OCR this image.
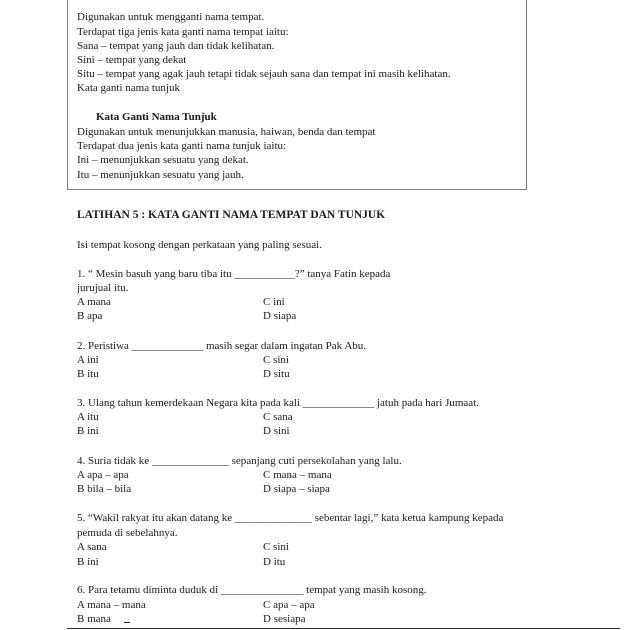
Digunakan untuk mengganti nama tempat.
Terdapat tiga jenis kata ganti nama tempat iaitu:
Sana – tempat yang jauh dan tidak kelihatan.
Sini – tempat yang dekat
Situ – tempat yang agak jauh tetapi tidak sejauh sana dan tempat ini masih kelihatan.
Kata ganti nama tunjuk
Kata Ganti Nama Tunjuk
Digunakan untuk menunjukkan manusia, haiwan, benda dan tempat
Terdapat dua jenis kata ganti nama tunjuk iaitu:
Ini – menunjukkan sesuatu yang dekat.
Itu – menunjukkan sesuatu yang jauh.
LATIHAN 5 : KATA GANTI NAMA TEMPAT DAN TUNJUK
Isi tempat kosong dengan perkataan yang paling sesuai.
1. “ Mesin basuh yang baru tiba itu ___________?” tanya Fatin kepada
jurujual itu.
A mana	C ini
B apa	D siapa
2. Peristiwa _____________ masih segar dalam ingatan Pak Abu.
A ini	C sini
B itu	D situ
3. Ulang tahun kemerdekaan Negara kita pada kali _____________ jatuh pada hari Jumaat.
A itu	C sana
B ini	D sini
4. Suria tidak ke ______________ sepanjang cuti persekolahan yang lalu.
A apa – apa	C mana – mana
B bila – bila	D siapa – siapa
5. “Wakil rakyat itu akan datang ke ______________ sebentar lagi,” kata ketua kampung kepada
pemuda di sebelahnya.
A sana	C sini
B ini	D itu
6. Para tetamu diminta duduk di _______________ tempat yang masih kosong.
A mana – mana	C apa – apa
B mana	D sesiapa
